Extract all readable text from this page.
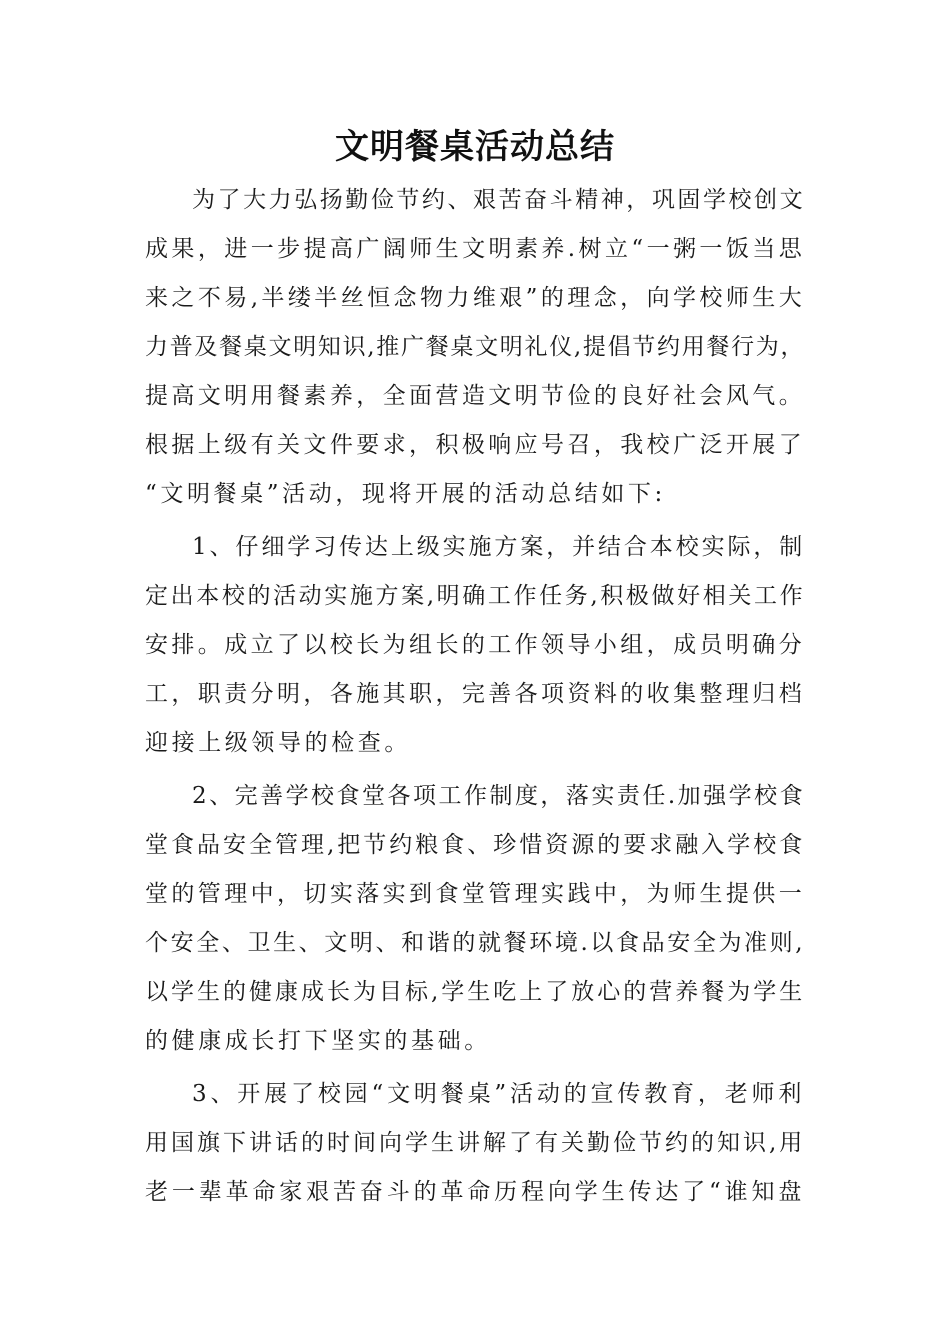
文明餐桌活动总结
为了大力弘扬勤俭节约、艰苦奋斗精神，巩固学校创文
成果，进一步提高广阔师生文明素养.树立“一粥一饭当思
来之不易,半缕半丝恒念物力维艰”的理念，向学校师生大
力普及餐桌文明知识,推广餐桌文明礼仪,提倡节约用餐行为，
提高文明用餐素养，全面营造文明节俭的良好社会风气。
根据上级有关文件要求，积极响应号召，我校广泛开展了
“文明餐桌”活动，现将开展的活动总结如下:
1、仔细学习传达上级实施方案，并结合本校实际，制
定出本校的活动实施方案,明确工作任务,积极做好相关工作
安排。成立了以校长为组长的工作领导小组，成员明确分
工，职责分明，各施其职，完善各项资料的收集整理归档
迎接上级领导的检查。
2、完善学校食堂各项工作制度，落实责任.加强学校食
堂食品安全管理,把节约粮食、珍惜资源的要求融入学校食
堂的管理中，切实落实到食堂管理实践中，为师生提供一
个安全、卫生、文明、和谐的就餐环境.以食品安全为准则,
以学生的健康成长为目标,学生吃上了放心的营养餐为学生
的健康成长打下坚实的基础。
3、开展了校园“文明餐桌”活动的宣传教育，老师利
用国旗下讲话的时间向学生讲解了有关勤俭节约的知识,用
老一辈革命家艰苦奋斗的革命历程向学生传达了“谁知盘
